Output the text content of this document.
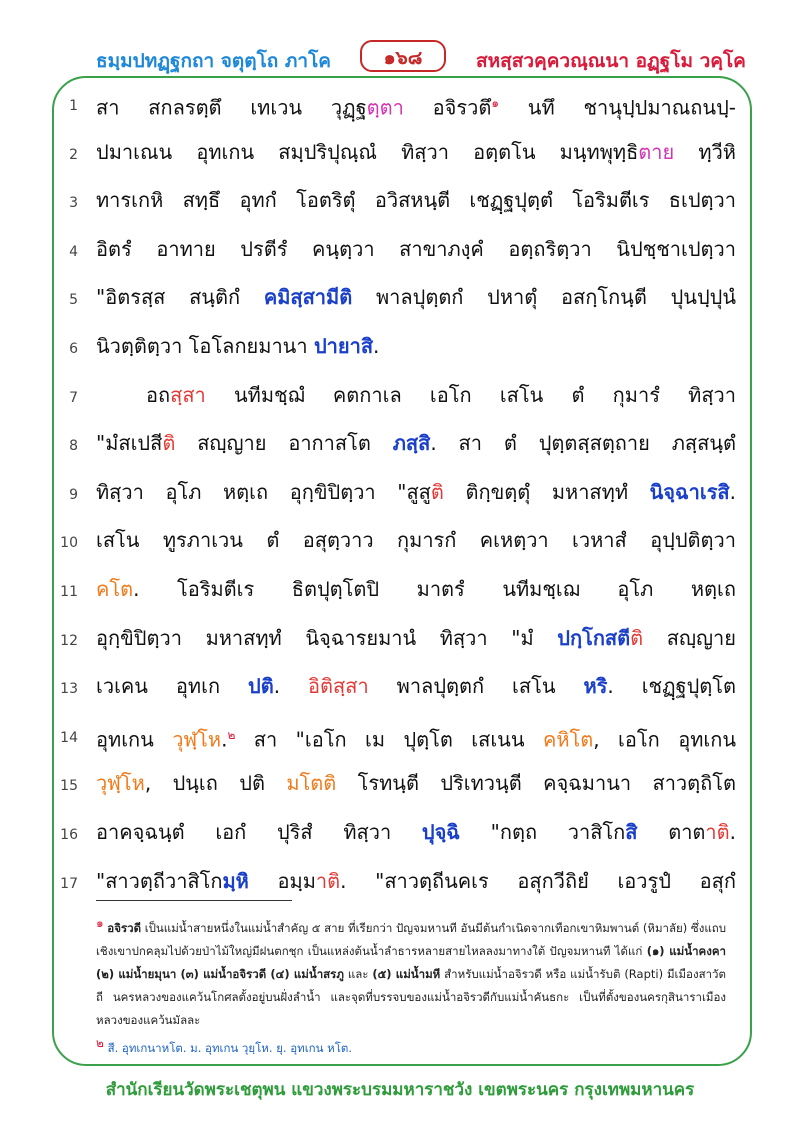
ธมฺมปทฏฺฐกถา จตุตฺโถ ภาโค	๑๖๘	สหสฺสวคฺควณฺณนา อฏฺฐโม วคฺโค
1 สา สกลรตฺตึ เทเวน วุฏฺฐตฺตา อจิรวตึ$^๑$ นทึ ชานุปฺปมาณถนปฺ-
2 ปมาเณน อุทเกน สมฺปริปุณฺณํ ทิสฺวา อตฺตโน มนฺทพุทฺธิตาย ทฺวีหิ
3 ทารเกหิ สทฺธึ อุทกํ โอตริตุํ อวิสหนฺตี เชฏฺฐปุตฺตํ โอริมตีเร ธเปตฺวา
4 อิตรํ อาทาย ปรตีรํ คนฺตฺวา สาขาภงฺคํ อตฺถริตฺวา นิปชฺชาเปตฺวา
5 "อิตรสฺส สนฺติกํ คมิสฺสามีติ พาลปุตฺตกํ ปหาตุํ อสกฺโกนฺตี ปุนปฺปุนํ
6 นิวตฺติตฺวา โอโลกยมานา ปายาสิ.
7	อถสฺสา นทีมชฺฌํ คตกาเล เอโก เสโน ตํ กุมารํ ทิสฺวา
8 "มํสเปสีติ สญฺญาย อากาสโต ภสฺสิ. สา ตํ ปุตฺตสฺสตฺถาย ภสฺสนฺตํ
9 ทิสฺวา อุโภ หตฺเถ อุกฺขิปิตฺวา "สูสูติ ติกฺขตฺตุํ มหาสทฺทํ นิจฺฉาเรสิ.
10 เสโน ทูรภาเวน ตํ อสุตฺวาว กุมารกํ คเหตฺวา เวหาสํ อุปฺปติตฺวา
11 คโต. โอริมตีเร ธิตปุตฺโตปิ มาตรํ นทีมชฺเฌ อุโภ หตฺเถ
12 อุกฺขิปิตฺวา มหาสทฺทํ นิจฺฉารยมานํ ทิสฺวา "มํ ปกฺโกสตีติ สญฺญาย
13 เวเคน อุทเก ปติ. อิติสฺสา พาลปุตฺตกํ เสโน หริ. เชฏฺฐปุตฺโต
14 อุทเกน วุฬฺโห.$^๒$ สา "เอโก เม ปุตฺโต เสเนน คหิโต, เอโก อุทเกน
15 วุฬฺโห, ปนฺเถ ปติ มโตติ โรทนฺตี ปริเทวนฺตี คจฺฉมานา สาวตฺถิโต
16 อาคจฺฉนฺตํ เอกํ ปุริสํ ทิสฺวา ปุจฺฉิ "กตฺถ วาสิโกสิ ตาตาติ.
17 "สาวตฺถีวาสิโกมฺหิ อมฺมาติ. "สาวตฺถีนคเร อสุกวีถิยํ เอวรูปํ อสุกํ

๑ อจิรวดี เป็นแม่น้ำสายหนึ่งในแม่น้ำสำคัญ ๕ สาย ที่เรียกว่า ปัญจมหานที อันมีต้นกำเนิดจากเทือกเขาหิมพานต์ (หิมาลัย) ซึ่งแถบเชิงเขาปกคลุมไปด้วยป่าไม้ใหญ่มีฝนตกชุก เป็นแหล่งต้นน้ำลำธารหลายสายไหลลงมาทางใต้ ปัญจมหานที ได้แก่ (๑) แม่น้ำคงคา (๒) แม่น้ำยมุนา (๓) แม่น้ำอจิรวดี (๔) แม่น้ำสรภู และ (๕) แม่น้ำมหี สำหรับแม่น้ำอจิรวดี หรือ แม่น้ำรับติ (Rapti) มีเมืองสาวัตถี นครหลวงของแคว้นโกศลตั้งอยู่บนฝั่งลำน้ำ และจุดที่บรรจบของแม่น้ำอจิรวดีกับแม่น้ำคันธกะ เป็นที่ตั้งของนครกุสินาราเมืองหลวงของแคว้นมัลละ

๒ สี. อุทเกนาหโต. ม. อุทเกน วุยฺโห. ยุ. อุทเกน หโต.

สำนักเรียนวัดพระเชตุพน แขวงพระบรมมหาราชวัง เขตพระนคร กรุงเทพมหานคร
